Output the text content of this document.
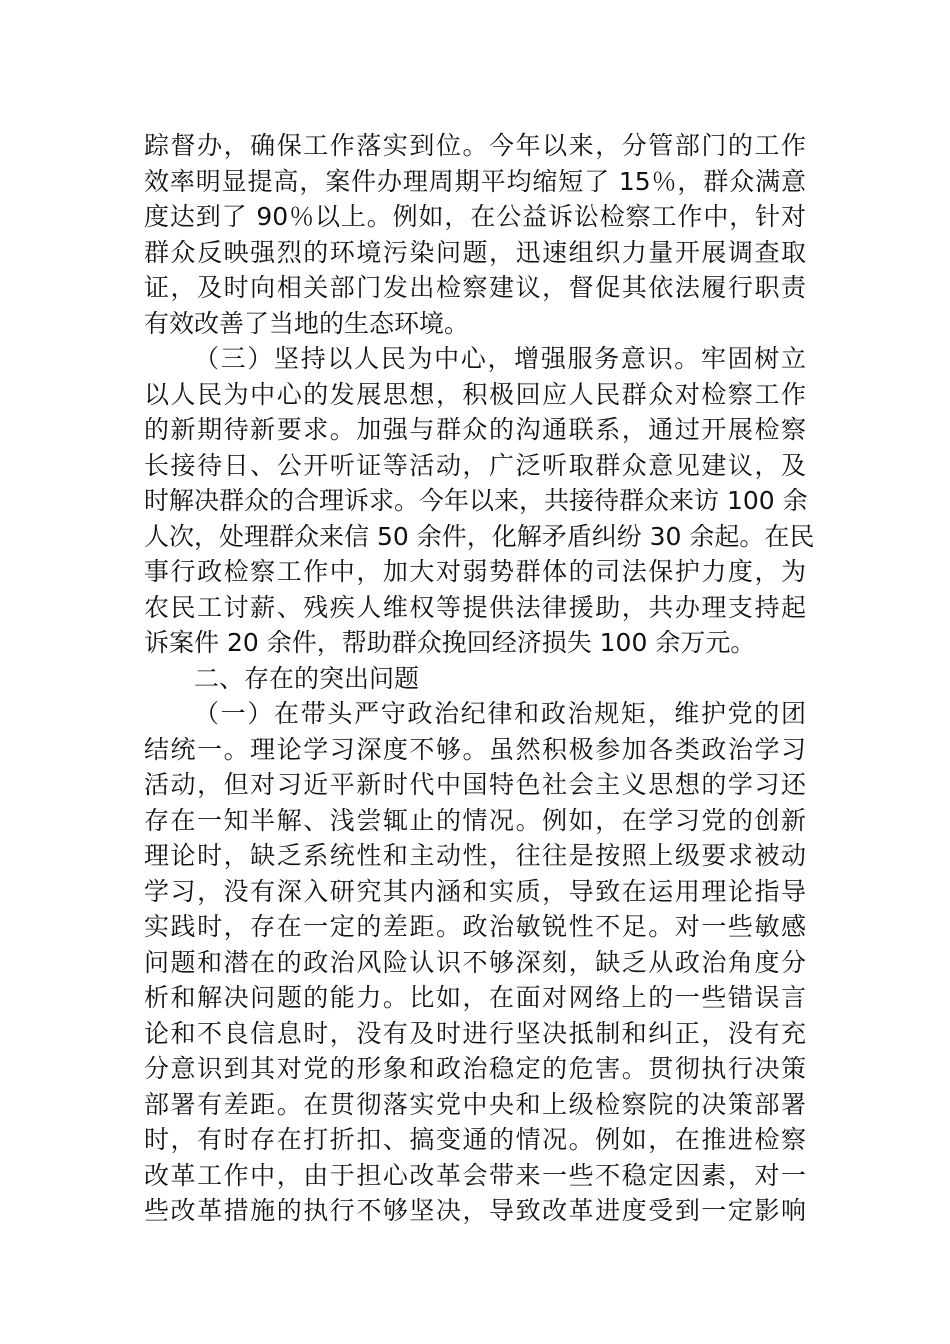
踪督办，确保工作落实到位。今年以来，分管部门的工作
效率明显提高，案件办理周期平均缩短了 15％，群众满意
度达到了 90％以上。例如，在公益诉讼检察工作中，针对
群众反映强烈的环境污染问题，迅速组织力量开展调查取
证，及时向相关部门发出检察建议，督促其依法履行职责
有效改善了当地的生态环境。
（三）坚持以人民为中心，增强服务意识。牢固树立
以人民为中心的发展思想，积极回应人民群众对检察工作
的新期待新要求。加强与群众的沟通联系，通过开展检察
长接待日、公开听证等活动，广泛听取群众意见建议，及
时解决群众的合理诉求。今年以来，共接待群众来访 100 余
人次，处理群众来信 50 余件，化解矛盾纠纷 30 余起。在民
事行政检察工作中，加大对弱势群体的司法保护力度，为
农民工讨薪、残疾人维权等提供法律援助，共办理支持起
诉案件 20 余件，帮助群众挽回经济损失 100 余万元。
二、存在的突出问题
（一）在带头严守政治纪律和政治规矩，维护党的团
结统一。理论学习深度不够。虽然积极参加各类政治学习
活动，但对习近平新时代中国特色社会主义思想的学习还
存在一知半解、浅尝辄止的情况。例如，在学习党的创新
理论时，缺乏系统性和主动性，往往是按照上级要求被动
学习，没有深入研究其内涵和实质，导致在运用理论指导
实践时，存在一定的差距。政治敏锐性不足。对一些敏感
问题和潜在的政治风险认识不够深刻，缺乏从政治角度分
析和解决问题的能力。比如，在面对网络上的一些错误言
论和不良信息时，没有及时进行坚决抵制和纠正，没有充
分意识到其对党的形象和政治稳定的危害。贯彻执行决策
部署有差距。在贯彻落实党中央和上级检察院的决策部署
时，有时存在打折扣、搞变通的情况。例如，在推进检察
改革工作中，由于担心改革会带来一些不稳定因素，对一
些改革措施的执行不够坚决，导致改革进度受到一定影响
